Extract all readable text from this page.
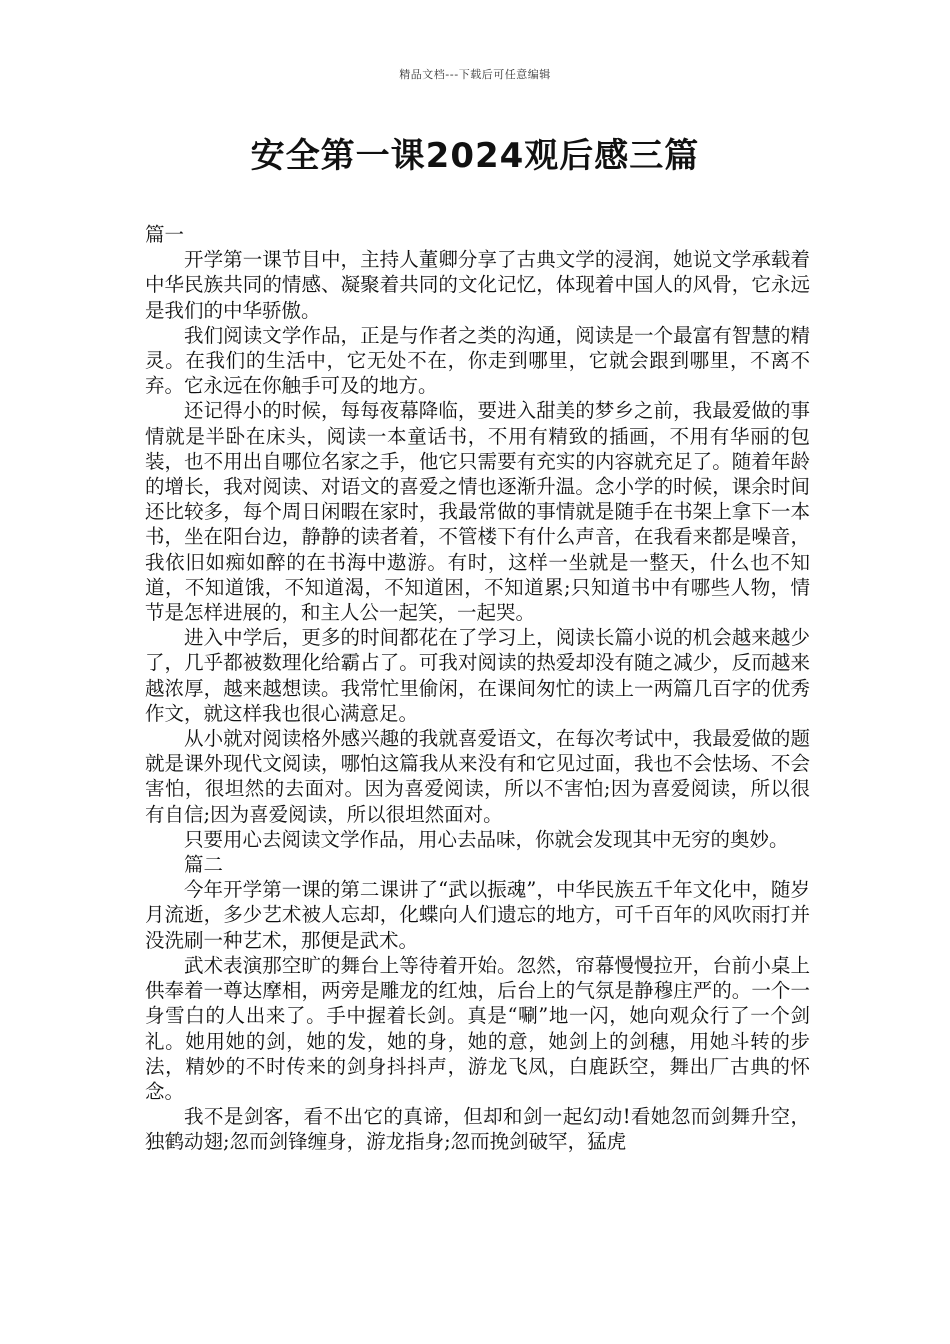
精品文档---下载后可任意编辑
安全第一课2024观后感三篇

篇一

开学第一课节目中，主持人董卿分享了古典文学的浸润，她说文学承载着中华民族共同的情感、凝聚着共同的文化记忆，体现着中国人的风骨，它永远是我们的中华骄傲。

我们阅读文学作品，正是与作者之类的沟通，阅读是一个最富有智慧的精灵。在我们的生活中，它无处不在，你走到哪里，它就会跟到哪里，不离不弃。它永远在你触手可及的地方。

还记得小的时候，每每夜幕降临，要进入甜美的梦乡之前，我最爱做的事情就是半卧在床头，阅读一本童话书，不用有精致的插画，不用有华丽的包装，也不用出自哪位名家之手，他它只需要有充实的内容就充足了。随着年龄的增长，我对阅读、对语文的喜爱之情也逐渐升温。念小学的时候，课余时间还比较多，每个周日闲暇在家时，我最常做的事情就是随手在书架上拿下一本书，坐在阳台边，静静的读者着，不管楼下有什么声音，在我看来都是噪音，我依旧如痴如醉的在书海中遨游。有时，这样一坐就是一整天，什么也不知道，不知道饿，不知道渴，不知道困，不知道累;只知道书中有哪些人物，情节是怎样进展的，和主人公一起笑，一起哭。

进入中学后，更多的时间都花在了学习上，阅读长篇小说的机会越来越少了，几乎都被数理化给霸占了。可我对阅读的热爱却没有随之减少，反而越来越浓厚，越来越想读。我常忙里偷闲，在课间匆忙的读上一两篇几百字的优秀作文，就这样我也很心满意足。

从小就对阅读格外感兴趣的我就喜爱语文，在每次考试中，我最爱做的题就是课外现代文阅读，哪怕这篇我从来没有和它见过面，我也不会怯场、不会害怕，很坦然的去面对。因为喜爱阅读，所以不害怕;因为喜爱阅读，所以很有自信;因为喜爱阅读，所以很坦然面对。

只要用心去阅读文学作品，用心去品味，你就会发现其中无穷的奥妙。

篇二

今年开学第一课的第二课讲了“武以振魂”，中华民族五千年文化中，随岁月流逝，多少艺术被人忘却，化蝶向人们遗忘的地方，可千百年的风吹雨打并没洗刷一种艺术，那便是武术。

武术表演那空旷的舞台上等待着开始。忽然，帘幕慢慢拉开，台前小桌上供奉着一尊达摩相，两旁是雕龙的红烛，后台上的气氛是静穆庄严的。一个一身雪白的人出来了。手中握着长剑。真是“唰”地一闪，她向观众行了一个剑礼。她用她的剑，她的发，她的身，她的意，她剑上的剑穗，用她斗转的步法，精妙的不时传来的剑身抖抖声，游龙飞凤，白鹿跃空，舞出厂古典的怀念。

我不是剑客，看不出它的真谛，但却和剑一起幻动!看她忽而剑舞升空，独鹤动翅;忽而剑锋缠身，游龙指身;忽而挽剑破罕，猛虎
